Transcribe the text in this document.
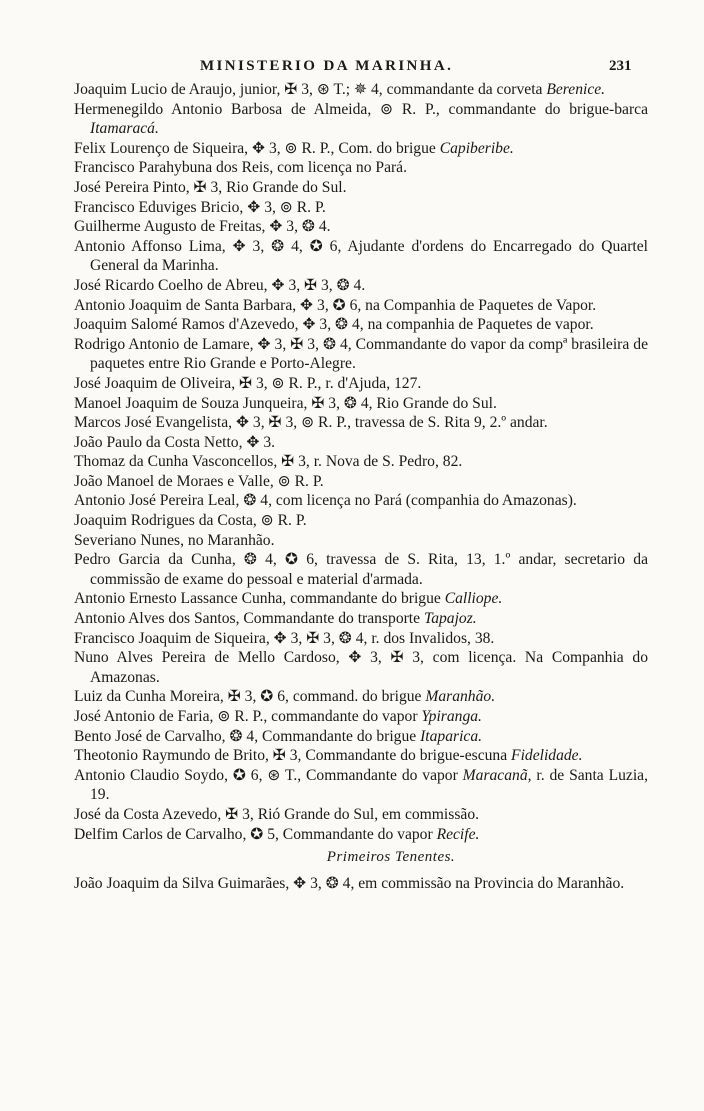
MINISTERIO DA MARINHA.	231

Joaquim Lucio de Araujo, junior, ✠ 3, ⊛ T.; ✵ 4, commandante da corveta Berenice.

Hermenegildo Antonio Barbosa de Almeida, ⊚ R. P., commandante do brigue-barca Itamaracá.

Felix Lourenço de Siqueira, ✥ 3, ⊚ R. P., Com. do brigue Capiberibe.

Francisco Parahybuna dos Reis, com licença no Pará.

José Pereira Pinto, ✠ 3, Rio Grande do Sul.

Francisco Eduviges Bricio, ✥ 3, ⊚ R. P.

Guilherme Augusto de Freitas, ✥ 3, ❂ 4.

Antonio Affonso Lima, ✥ 3, ❂ 4, ✪ 6, Ajudante d'ordens do Encarregado do Quartel General da Marinha.

José Ricardo Coelho de Abreu, ✥ 3, ✠ 3, ❂ 4.

Antonio Joaquim de Santa Barbara, ✥ 3, ✪ 6, na Companhia de Paquetes de Vapor.

Joaquim Salomé Ramos d'Azevedo, ✥ 3, ❂ 4, na companhia de Paquetes de vapor.

Rodrigo Antonio de Lamare, ✥ 3, ✠ 3, ❂ 4, Commandante do vapor da compª brasileira de paquetes entre Rio Grande e Porto-Alegre.

José Joaquim de Oliveira, ✠ 3, ⊚ R. P., r. d'Ajuda, 127.

Manoel Joaquim de Souza Junqueira, ✠ 3, ❂ 4, Rio Grande do Sul.

Marcos José Evangelista, ✥ 3, ✠ 3, ⊚ R. P., travessa de S. Rita 9, 2.º andar.

João Paulo da Costa Netto, ✥ 3.

Thomaz da Cunha Vasconcellos, ✠ 3, r. Nova de S. Pedro, 82.

João Manoel de Moraes e Valle, ⊚ R. P.

Antonio José Pereira Leal, ❂ 4, com licença no Pará (companhia do Amazonas).

Joaquim Rodrigues da Costa, ⊚ R. P.

Severiano Nunes, no Maranhão.

Pedro Garcia da Cunha, ❂ 4, ✪ 6, travessa de S. Rita, 13, 1.º andar, secretario da commissão de exame do pessoal e material d'armada.

Antonio Ernesto Lassance Cunha, commandante do brigue Calliope.

Antonio Alves dos Santos, Commandante do transporte Tapajoz.

Francisco Joaquim de Siqueira, ✥ 3, ✠ 3, ❂ 4, r. dos Invalidos, 38.

Nuno Alves Pereira de Mello Cardoso, ✥ 3, ✠ 3, com licença. Na Companhia do Amazonas.

Luiz da Cunha Moreira, ✠ 3, ✪ 6, command. do brigue Maranhão.

José Antonio de Faria, ⊚ R. P., commandante do vapor Ypiranga.

Bento José de Carvalho, ❂ 4, Commandante do brigue Itaparica.

Theotonio Raymundo de Brito, ✠ 3, Commandante do brigue-escuna Fidelidade.

Antonio Claudio Soydo, ✪ 6, ⊛ T., Commandante do vapor Maracanã, r. de Santa Luzia, 19.

José da Costa Azevedo, ✠ 3, Rió Grande do Sul, em commissão.

Delfim Carlos de Carvalho, ✪ 5, Commandante do vapor Recife.

Primeiros Tenentes.

João Joaquim da Silva Guimarães, ✥ 3, ❂ 4, em commissão na Provincia do Maranhão.
